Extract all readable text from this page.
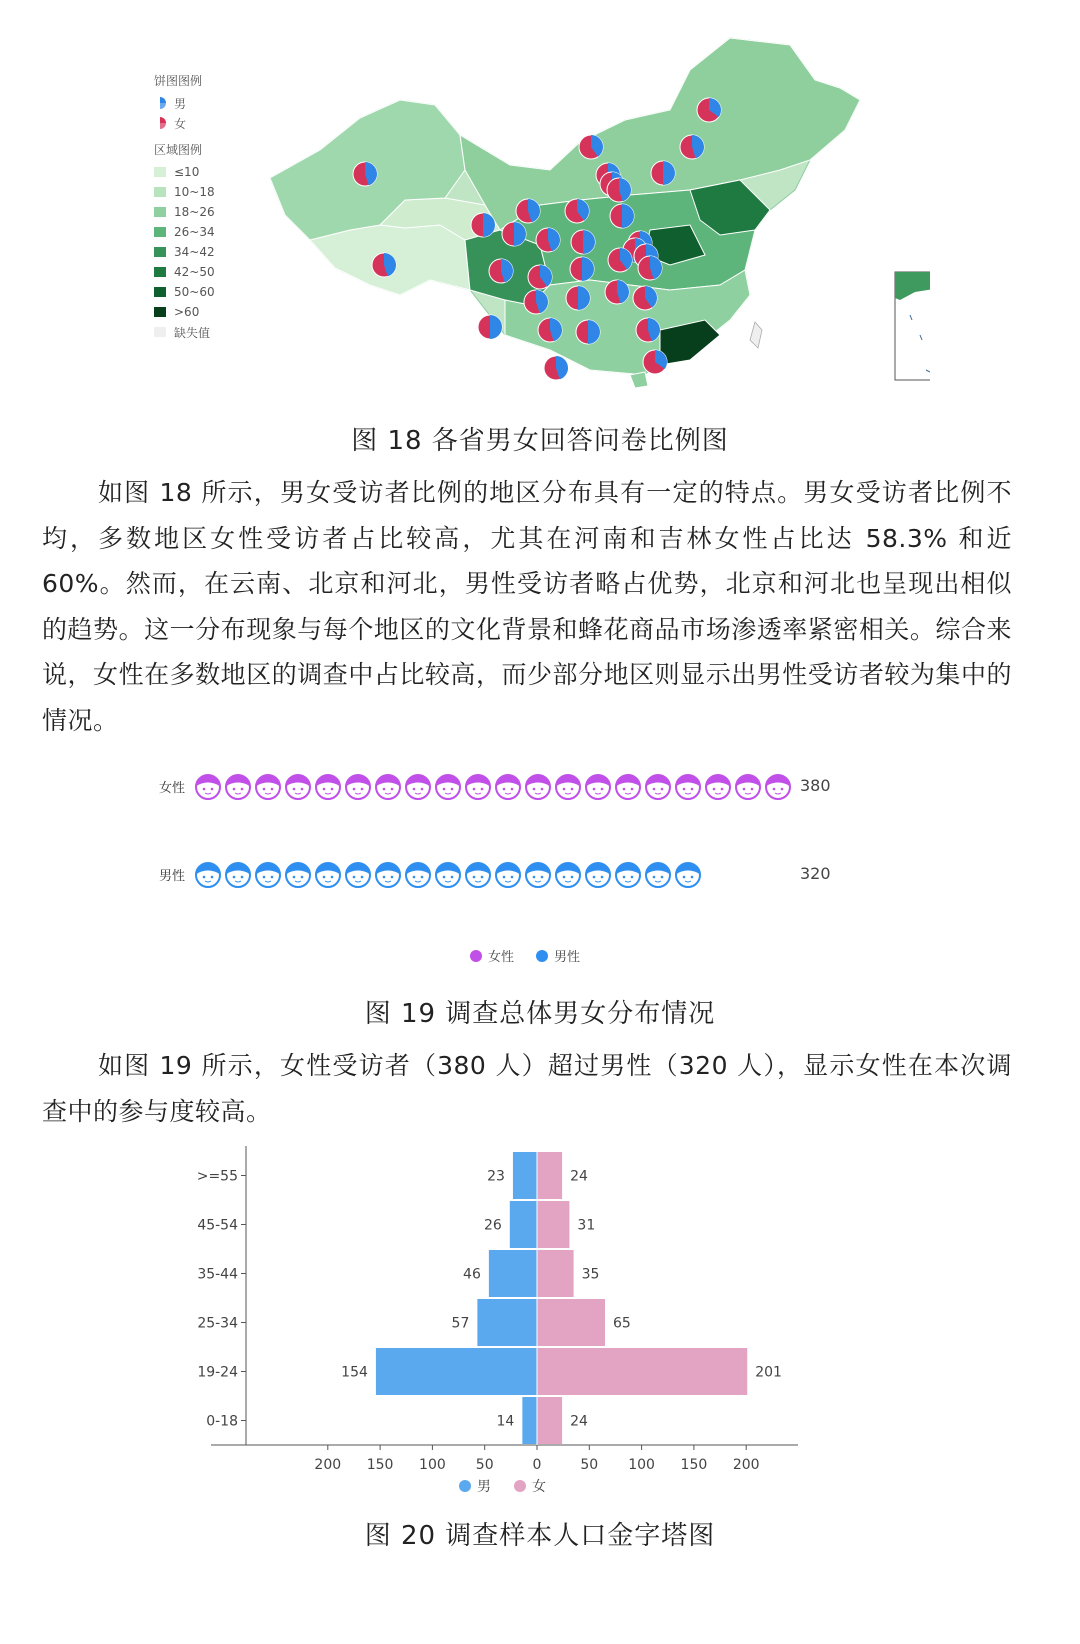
饼图图例
男
女
区域图例
≤10
10~18
18~26
26~34
34~42
42~50
50~60
>60
缺失值
图 18 各省男女回答问卷比例图
如图 18 所示，男女受访者比例的地区分布具有一定的特点。男女受访者比例不均，多数地区女性受访者占比较高，尤其在河南和吉林女性占比达 58.3% 和近 60%。然而，在云南、北京和河北，男性受访者略占优势，北京和河北也呈现出相似的趋势。这一分布现象与每个地区的文化背景和蜂花商品市场渗透率紧密相关。综合来说，女性在多数地区的调查中占比较高，而少部分地区则显示出男性受访者较为集中的情况。
女性	380
男性	320
女性	男性
图 19 调查总体男女分布情况
如图 19 所示，女性受访者（380 人）超过男性（320 人），显示女性在本次调查中的参与度较高。
>=55	23	24
45-54	26	31
35-44	46	35
25-34	57	65
19-24	154	201
0-18	14	24
200 150 100 50	0	50 100 150 200
男	女
图 20 调查样本人口金字塔图
